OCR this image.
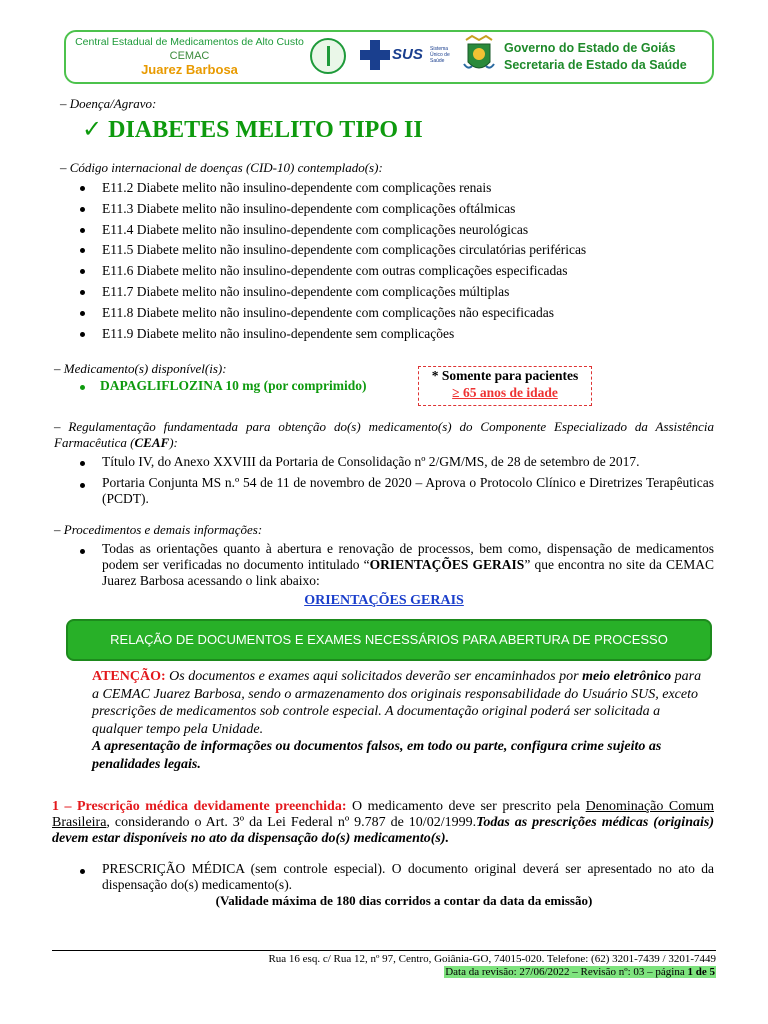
Central Estadual de Medicamentos de Alto Custo
CEMAC
Juarez Barbosa
SUS Sistema Único de Saúde
Governo do Estado de Goiás
Secretaria de Estado da Saúde
– Doença/Agravo:
✓ DIABETES MELITO TIPO II
– Código internacional de doenças (CID-10) contemplado(s):
E11.2 Diabete melito não insulino-dependente com complicações renais
E11.3 Diabete melito não insulino-dependente com complicações oftálmicas
E11.4 Diabete melito não insulino-dependente com complicações neurológicas
E11.5 Diabete melito não insulino-dependente com complicações circulatórias periféricas
E11.6 Diabete melito não insulino-dependente com outras complicações especificadas
E11.7 Diabete melito não insulino-dependente com complicações múltiplas
E11.8 Diabete melito não insulino-dependente com complicações não especificadas
E11.9 Diabete melito não insulino-dependente sem complicações
– Medicamento(s) disponível(is):
DAPAGLIFLOZINA 10 mg (por comprimido)
* Somente para pacientes
≥ 65 anos de idade
– Regulamentação fundamentada para obtenção do(s) medicamento(s) do Componente Especializado da Assistência Farmacêutica (CEAF):
Título IV, do Anexo XXVIII da Portaria de Consolidação nº 2/GM/MS, de 28 de setembro de 2017.
Portaria Conjunta MS n.º 54 de 11 de novembro de 2020 – Aprova o Protocolo Clínico e Diretrizes Terapêuticas (PCDT).
– Procedimentos e demais informações:
Todas as orientações quanto à abertura e renovação de processos, bem como, dispensação de medicamentos podem ser verificadas no documento intitulado “ORIENTAÇÕES GERAIS” que encontra no site da CEMAC Juarez Barbosa acessando o link abaixo:
ORIENTAÇÕES GERAIS
RELAÇÃO DE DOCUMENTOS E EXAMES NECESSÁRIOS PARA ABERTURA DE PROCESSO
ATENÇÃO: Os documentos e exames aqui solicitados deverão ser encaminhados por meio eletrônico para a CEMAC Juarez Barbosa, sendo o armazenamento dos originais responsabilidade do Usuário SUS, exceto prescrições de medicamentos sob controle especial. A documentação original poderá ser solicitada a qualquer tempo pela Unidade.
A apresentação de informações ou documentos falsos, em todo ou parte, configura crime sujeito as penalidades legais.
1 – Prescrição médica devidamente preenchida: O medicamento deve ser prescrito pela Denominação Comum Brasileira, considerando o Art. 3º da Lei Federal nº 9.787 de 10/02/1999.Todas as prescrições médicas (originais) devem estar disponíveis no ato da dispensação do(s) medicamento(s).
PRESCRIÇÃO MÉDICA (sem controle especial). O documento original deverá ser apresentado no ato da dispensação do(s) medicamento(s).
(Validade máxima de 180 dias corridos a contar da data da emissão)
Rua 16 esq. c/ Rua 12, nº 97, Centro, Goiânia-GO, 74015-020. Telefone: (62) 3201-7439 / 3201-7449
Data da revisão: 27/06/2022 – Revisão nº: 03 – página 1 de 5
